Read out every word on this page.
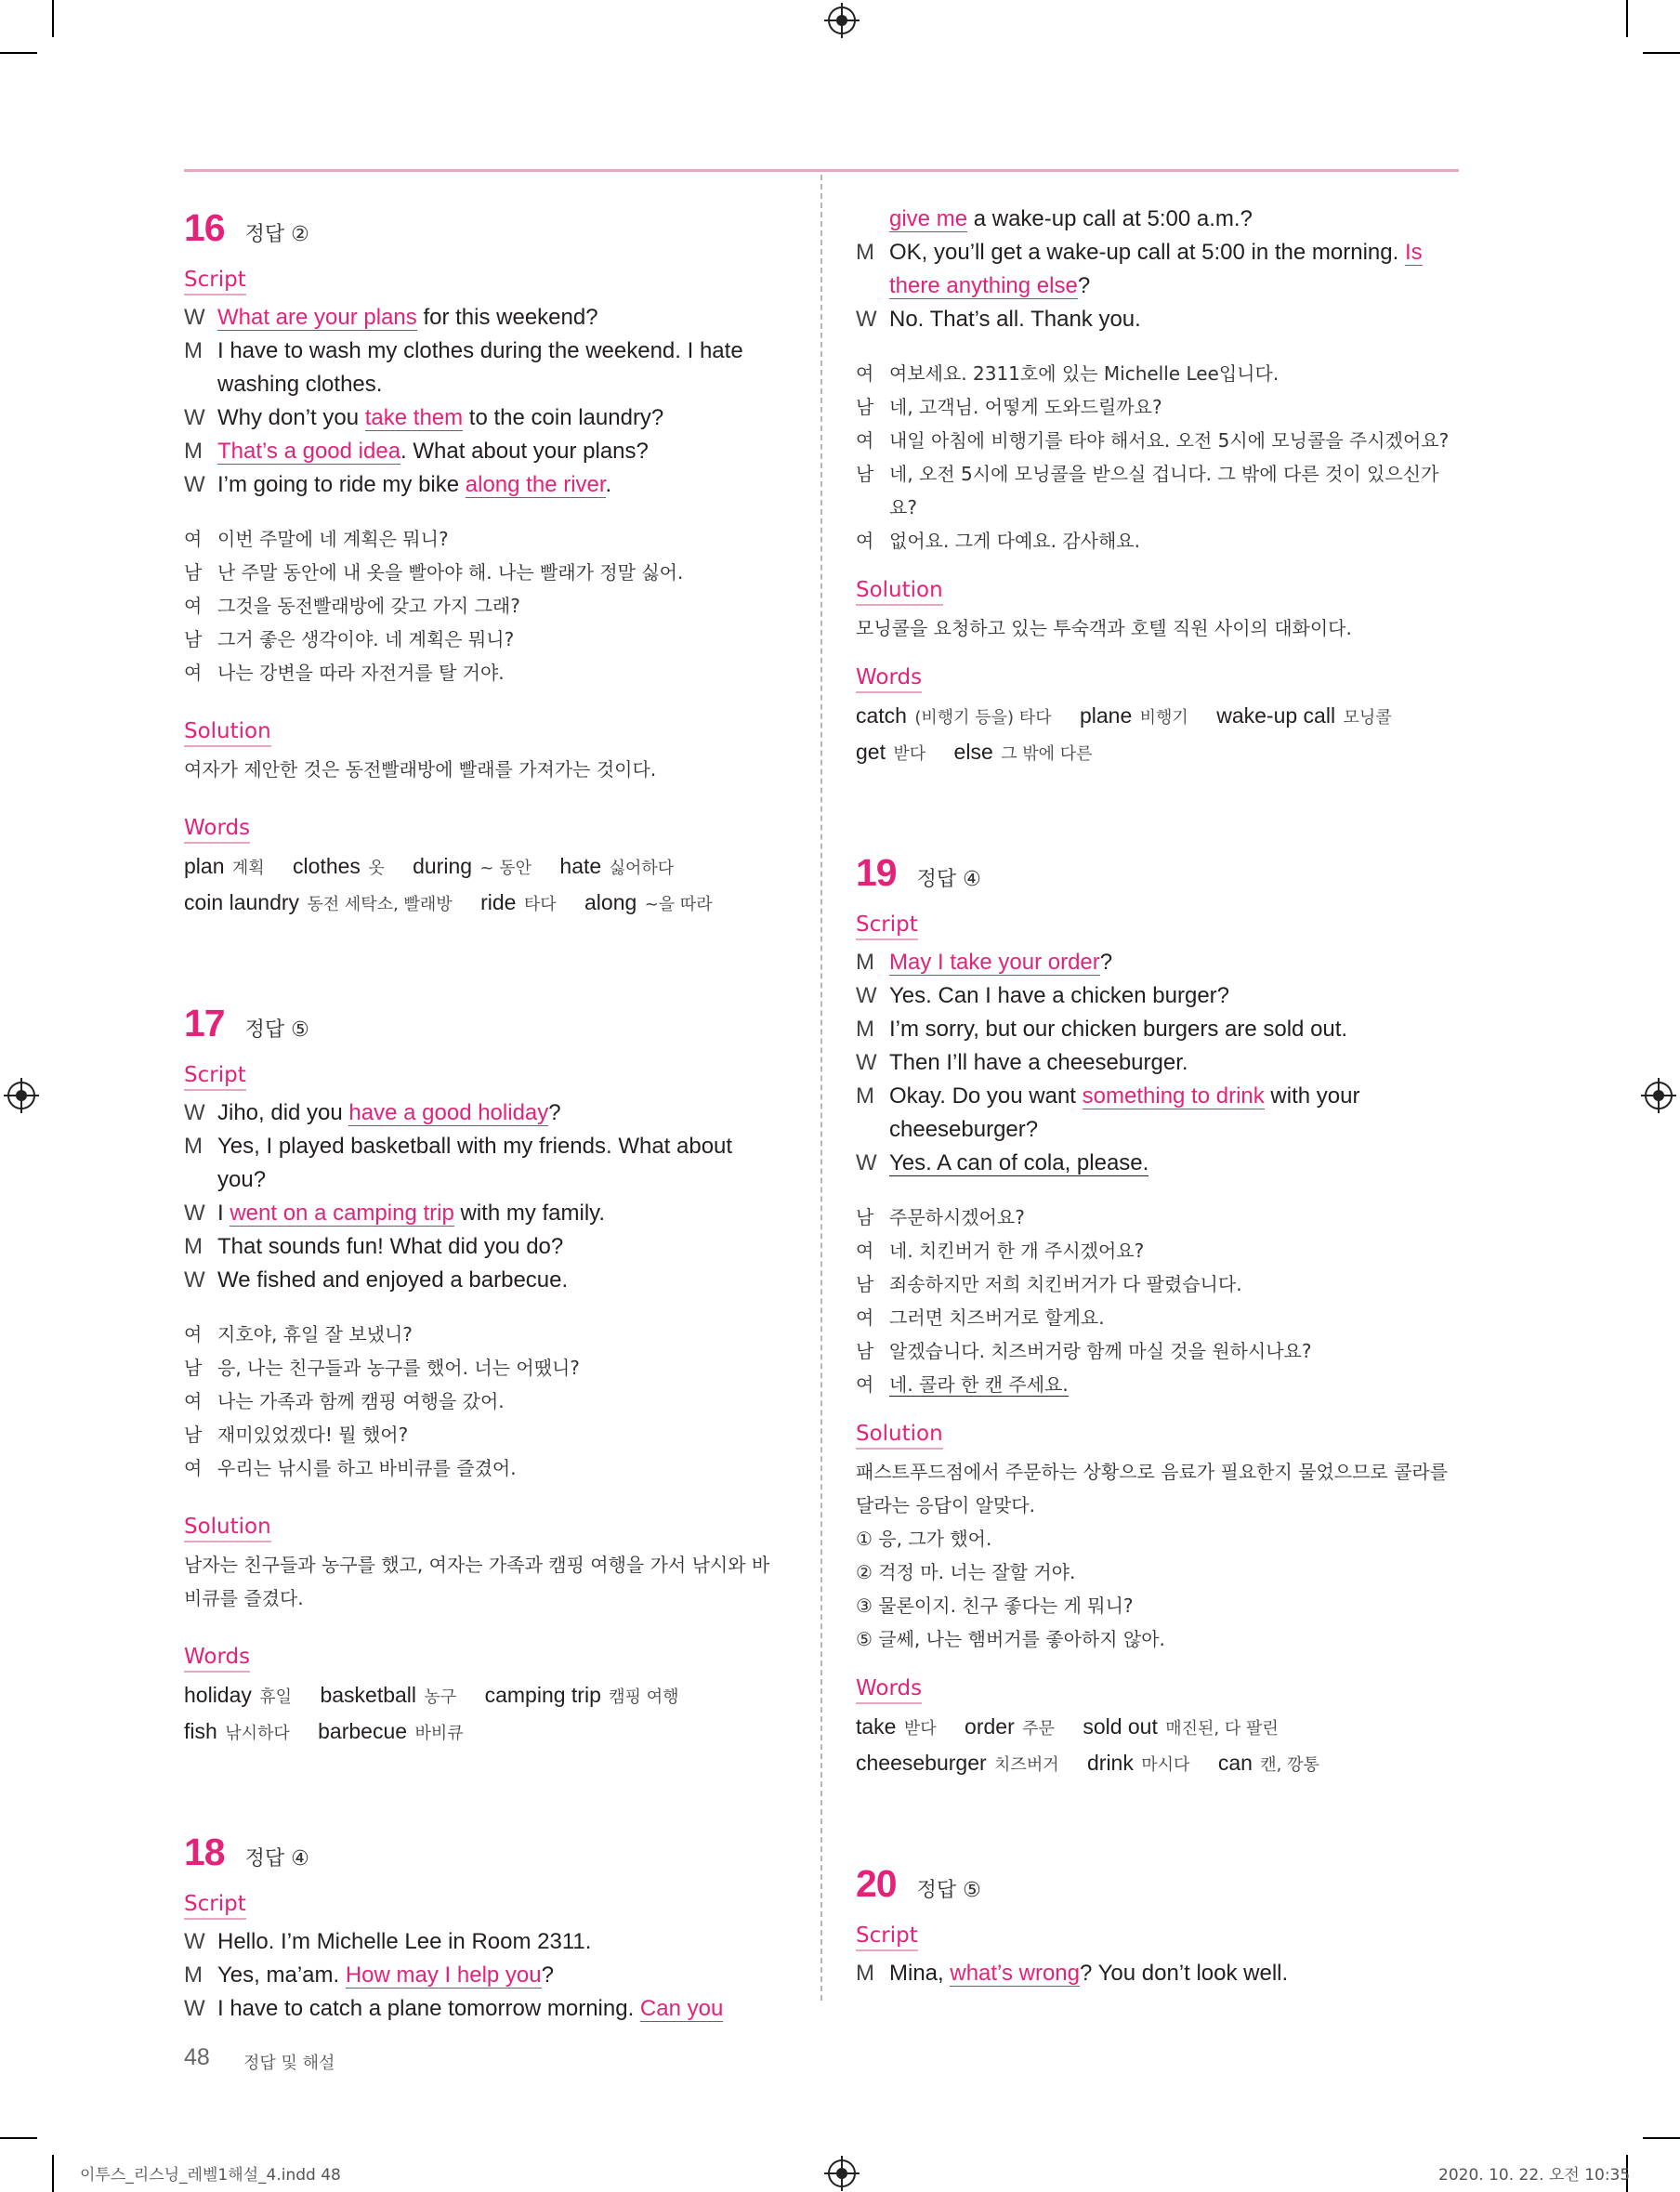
16 정답 ②
Script
W What are your plans for this weekend?
M I have to wash my clothes during the weekend. I hate washing clothes.
W Why don’t you take them to the coin laundry?
M That’s a good idea. What about your plans?
W I’m going to ride my bike along the river.
여 이번 주말에 네 계획은 뭐니?
남 난 주말 동안에 내 옷을 빨아야 해. 나는 빨래가 정말 싫어.
여 그것을 동전빨래방에 갖고 가지 그래?
남 그거 좋은 생각이야. 네 계획은 뭐니?
여 나는 강변을 따라 자전거를 탈 거야.
Solution
여자가 제안한 것은 동전빨래방에 빨래를 가져가는 것이다.
Words
plan 계획 clothes 옷 during ~ 동안 hate 싫어하다 coin laundry 동전 세탁소, 빨래방 ride 타다 along ~을 따라
17 정답 ⑤
Script
W Jiho, did you have a good holiday?
M Yes, I played basketball with my friends. What about you?
W I went on a camping trip with my family.
M That sounds fun! What did you do?
W We fished and enjoyed a barbecue.
여 지호야, 휴일 잘 보냈니?
남 응, 나는 친구들과 농구를 했어. 너는 어땠니?
여 나는 가족과 함께 캠핑 여행을 갔어.
남 재미있었겠다! 뭘 했어?
여 우리는 낚시를 하고 바비큐를 즐겼어.
Solution
남자는 친구들과 농구를 했고, 여자는 가족과 캠핑 여행을 가서 낚시와 바비큐를 즐겼다.
Words
holiday 휴일 basketball 농구 camping trip 캠핑 여행 fish 낚시하다 barbecue 바비큐
18 정답 ④
Script
W Hello. I’m Michelle Lee in Room 2311.
M Yes, ma’am. How may I help you?
W I have to catch a plane tomorrow morning. Can you
give me a wake-up call at 5:00 a.m.?
M OK, you’ll get a wake-up call at 5:00 in the morning. Is there anything else?
W No. That’s all. Thank you.
여 여보세요. 2311호에 있는 Michelle Lee입니다.
남 네, 고객님. 어떻게 도와드릴까요?
여 내일 아침에 비행기를 타야 해서요. 오전 5시에 모닝콜을 주시겠어요?
남 네, 오전 5시에 모닝콜을 받으실 겁니다. 그 밖에 다른 것이 있으신가요?
여 없어요. 그게 다예요. 감사해요.
Solution
모닝콜을 요청하고 있는 투숙객과 호텔 직원 사이의 대화이다.
Words
catch (비행기 등을) 타다 plane 비행기 wake-up call 모닝콜 get 받다 else 그 밖에 다른
19 정답 ④
Script
M May I take your order?
W Yes. Can I have a chicken burger?
M I’m sorry, but our chicken burgers are sold out.
W Then I’ll have a cheeseburger.
M Okay. Do you want something to drink with your cheeseburger?
W Yes. A can of cola, please.
남 주문하시겠어요?
여 네. 치킨버거 한 개 주시겠어요?
남 죄송하지만 저희 치킨버거가 다 팔렸습니다.
여 그러면 치즈버거로 할게요.
남 알겠습니다. 치즈버거랑 함께 마실 것을 원하시나요?
여 네. 콜라 한 캔 주세요.
Solution
패스트푸드점에서 주문하는 상황으로 음료가 필요한지 물었으므로 콜라를 달라는 응답이 알맞다.
① 응, 그가 했어.
② 걱정 마. 너는 잘할 거야.
③ 물론이지. 친구 좋다는 게 뭐니?
⑤ 글쎄, 나는 햄버거를 좋아하지 않아.
Words
take 받다 order 주문 sold out 매진된, 다 팔린 cheeseburger 치즈버거 drink 마시다 can 캔, 깡통
20 정답 ⑤
Script
M Mina, what’s wrong? You don’t look well.
48 정답 및 해설
이투스_리스닝_레벨1해설_4.indd 48	2020. 10. 22. 오전 10:35
